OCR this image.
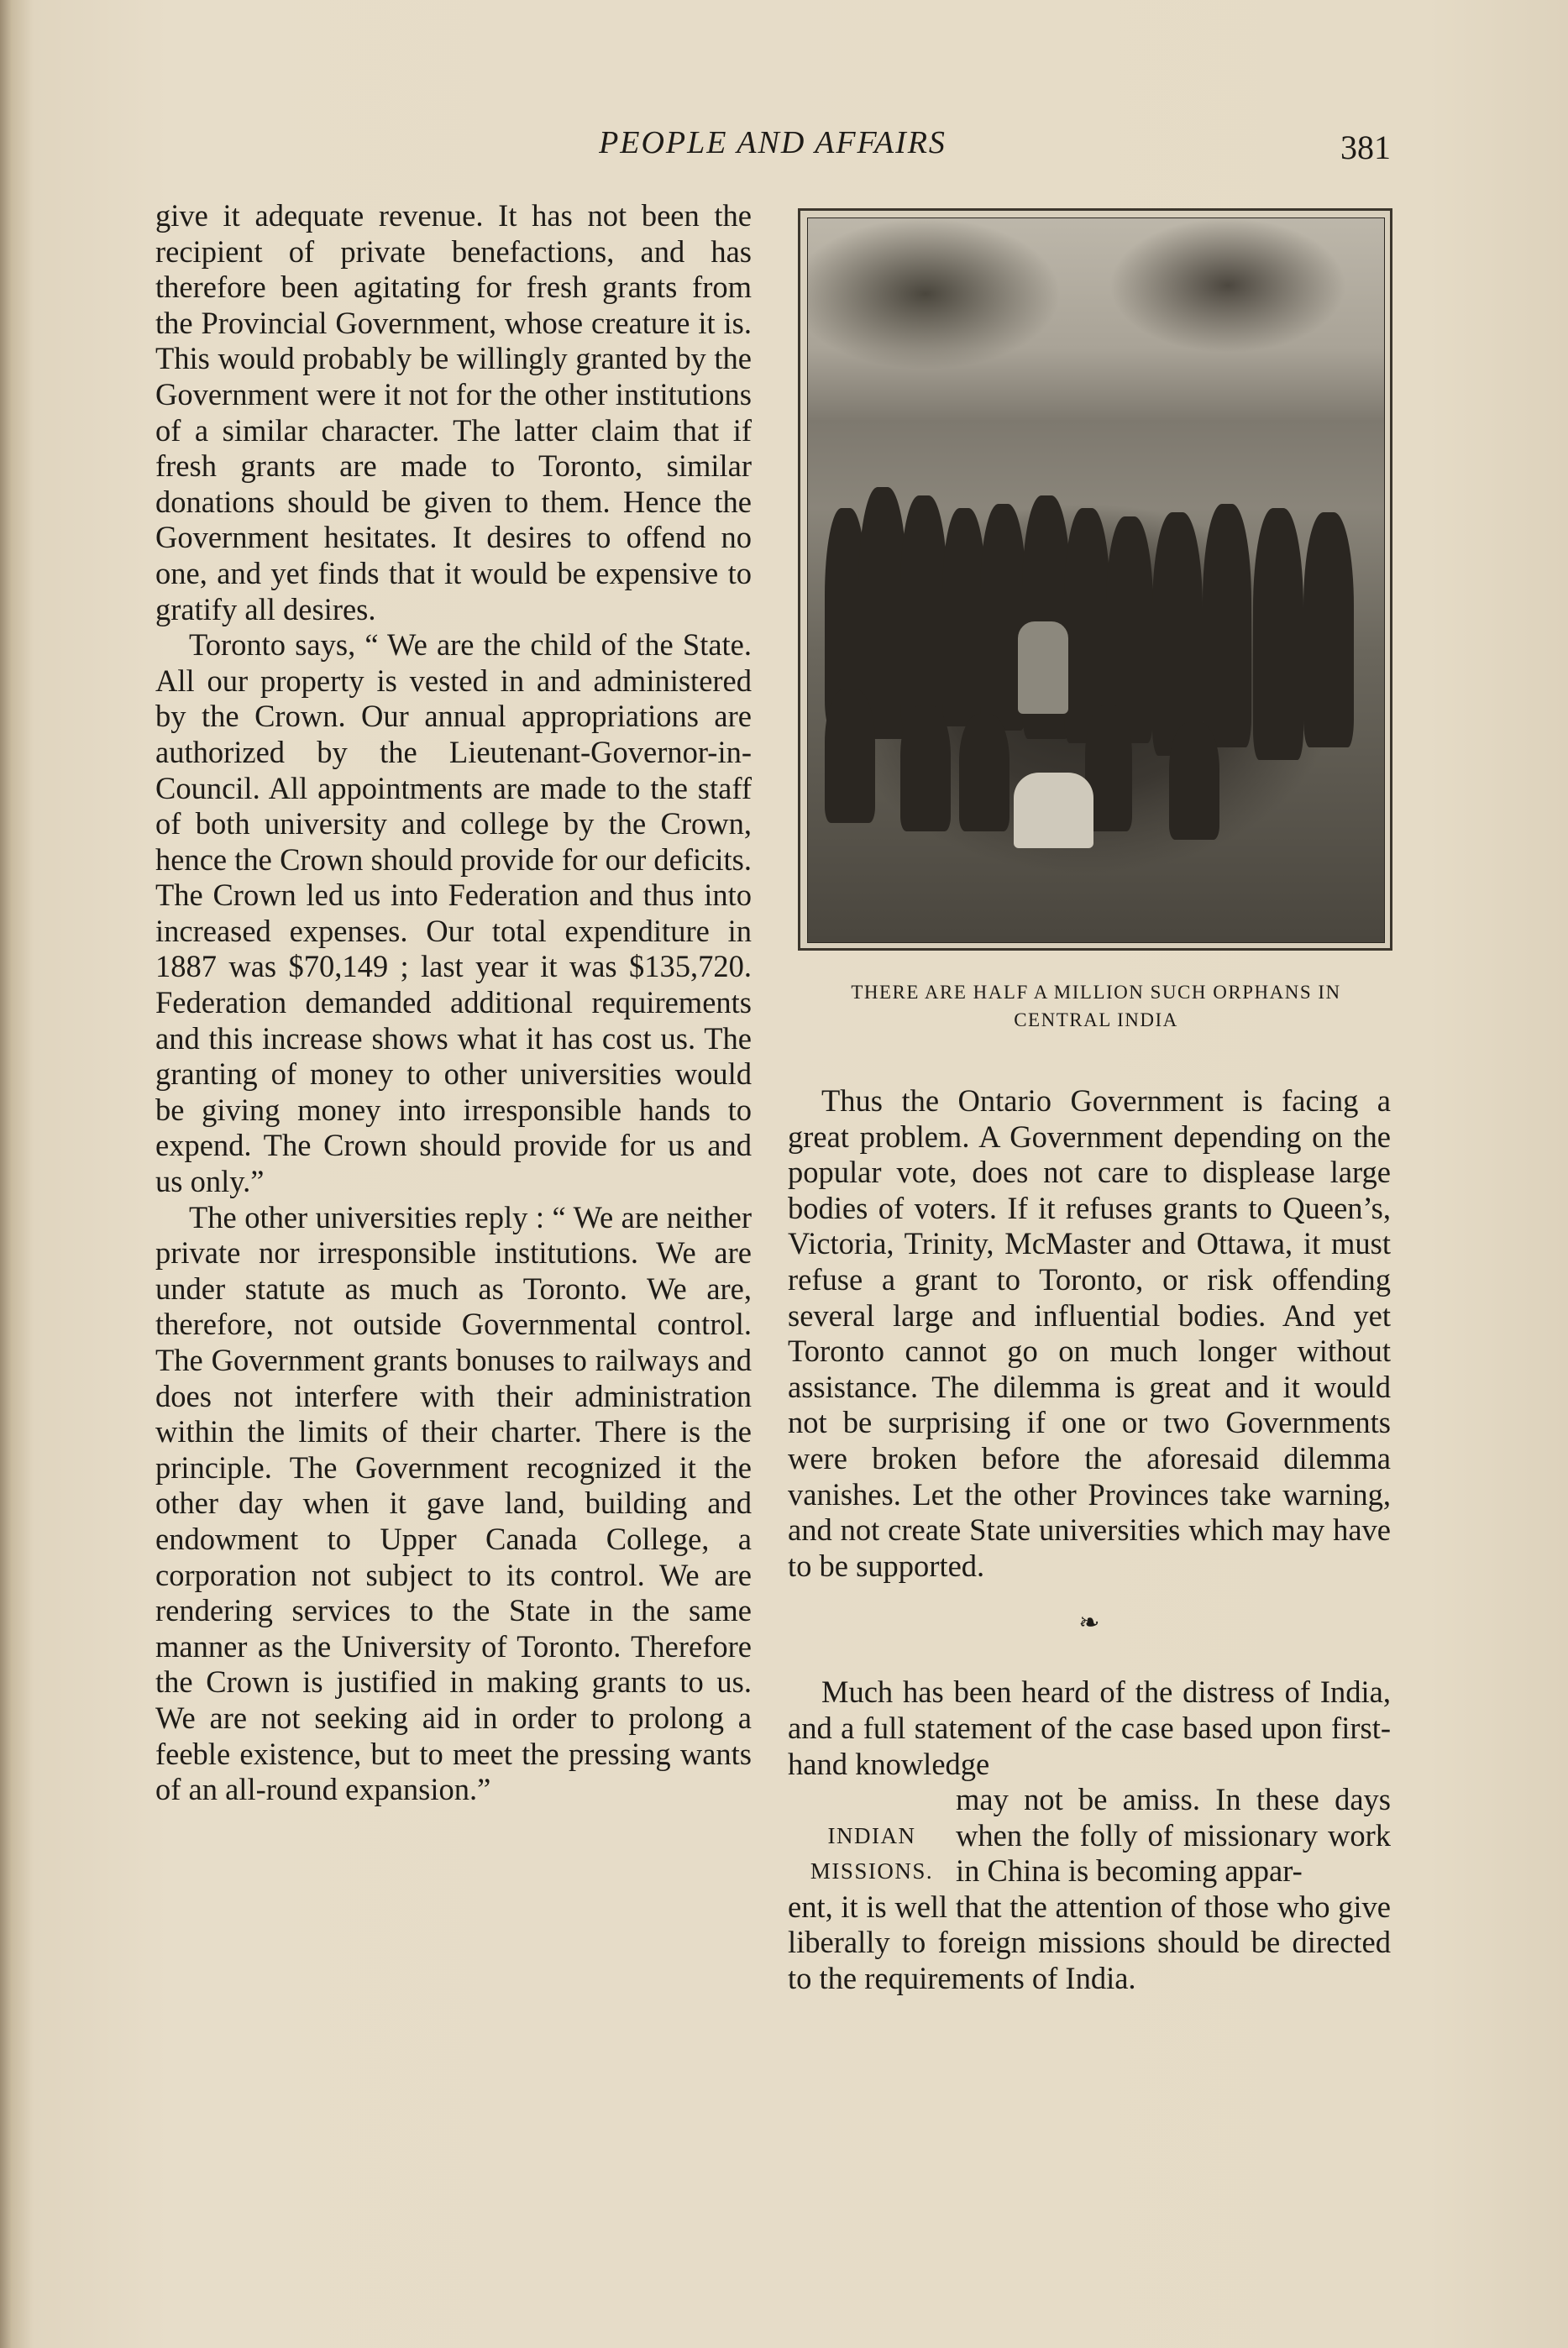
PEOPLE AND AFFAIRS	381

give it adequate revenue. It has not been the recipient of private benefactions, and has therefore been agitating for fresh grants from the Provincial Government, whose creature it is. This would probably be willingly granted by the Government were it not for the other institutions of a similar character. The latter claim that if fresh grants are made to Toronto, similar donations should be given to them. Hence the Government hesitates. It desires to offend no one, and yet finds that it would be expensive to gratify all desires.

Toronto says, “ We are the child of the State. All our property is vested in and administered by the Crown. Our annual appropriations are authorized by the Lieutenant-Governor-in-Council. All appointments are made to the staff of both university and college by the Crown, hence the Crown should provide for our deficits. The Crown led us into Federation and thus into increased expenses. Our total expenditure in 1887 was $70,149 ; last year it was $135,720. Federation demanded additional requirements and this increase shows what it has cost us. The granting of money to other universities would be giving money into irresponsible hands to expend. The Crown should provide for us and us only.”

The other universities reply : “ We are neither private nor irresponsible institutions. We are under statute as much as Toronto. We are, therefore, not outside Governmental control. The Government grants bonuses to railways and does not interfere with their administration within the limits of their charter. There is the principle. The Government recognized it the other day when it gave land, building and endowment to Upper Canada College, a corporation not subject to its control. We are rendering services to the State in the same manner as the University of Toronto. Therefore the Crown is justified in making grants to us. We are not seeking aid in order to prolong a feeble existence, but to meet the pressing wants of an all-round expansion.”

THERE ARE HALF A MILLION SUCH ORPHANS IN
CENTRAL INDIA

Thus the Ontario Government is facing a great problem. A Government depending on the popular vote, does not care to displease large bodies of voters. If it refuses grants to Queen’s, Victoria, Trinity, McMaster and Ottawa, it must refuse a grant to Toronto, or risk offending several large and influential bodies. And yet Toronto cannot go on much longer without assistance. The dilemma is great and it would not be surprising if one or two Governments were broken before the aforesaid dilemma vanishes. Let the other Provinces take warning, and not create State universities which may have to be supported.

❧

Much has been heard of the distress of India, and a full statement of the case based upon first-hand knowledge

INDIAN
MISSIONS.
may not be amiss. In these days when the folly of missionary work in China is becoming appar-

ent, it is well that the attention of those who give liberally to foreign missions should be directed to the requirements of India.
